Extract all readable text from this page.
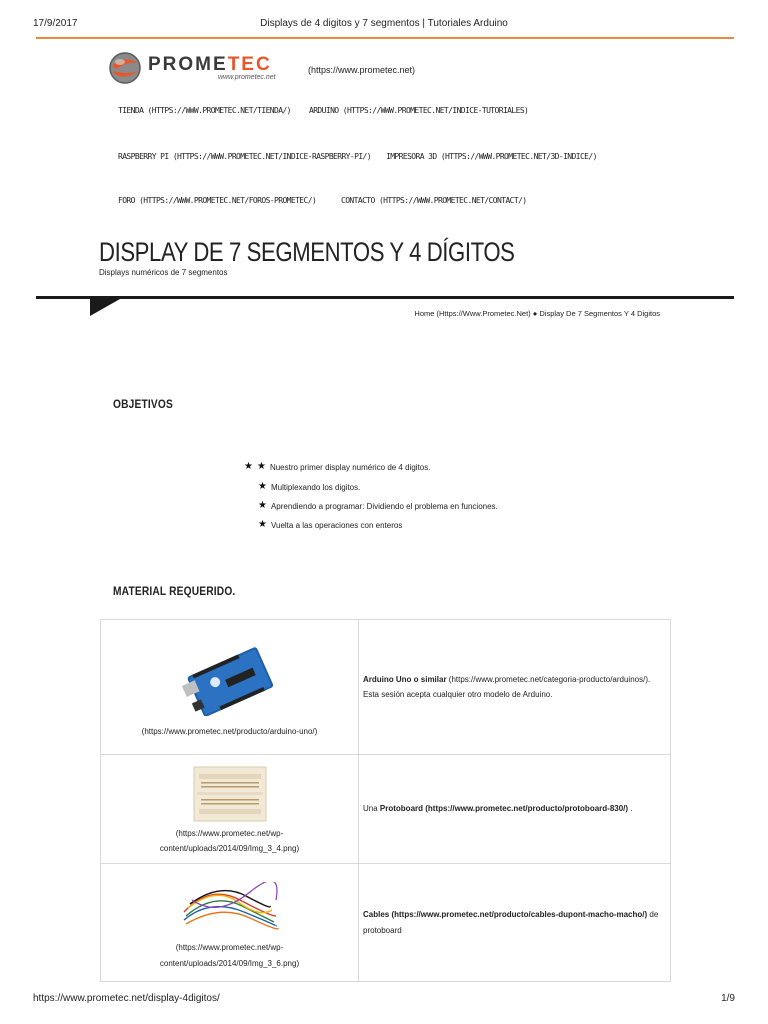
17/9/2017	Displays de 4 digitos y 7 segmentos | Tutoriales Arduino
PROMETEC
www.prometec.net
(https://www.prometec.net)
TIENDA (HTTPS://WWW.PROMETEC.NET/TIENDA/) ARDUINO (HTTPS://WWW.PROMETEC.NET/INDICE-TUTORIALES)
RASPBERRY PI (HTTPS://WWW.PROMETEC.NET/INDICE-RASPBERRY-PI/) IMPRESORA 3D (HTTPS://WWW.PROMETEC.NET/3D-INDICE/)
FORO (HTTPS://WWW.PROMETEC.NET/FOROS-PROMETEC/)	CONTACTO (HTTPS://WWW.PROMETEC.NET/CONTACT/)
DISPLAY DE 7 SEGMENTOS Y 4 DÍGITOS
Displays numéricos de 7 segmentos
Home (Https://Www.Prometec.Net) ● Display De 7 Segmentos Y 4 Digitos
OBJETIVOS
★ ★ Nuestro primer display numérico de 4 digitos.
★ Multiplexando los digitos.
★ Aprendiendo a programar: Dividiendo el problema en funciones.
★ Vuelta a las operaciones con enteros
MATERIAL REQUERIDO.
(https://www.prometec.net/producto/arduino-uno/)	Arduino Uno o similar (https://www.prometec.net/categoria-producto/arduinos/). Esta sesión acepta cualquier otro modelo de Arduino.

(https://www.prometec.net/wp-
content/uploads/2014/09/Img_3_4.png)	Una Protoboard (https://www.prometec.net/producto/protoboard-830/) .

(https://www.prometec.net/wp-
content/uploads/2014/09/Img_3_6.png)	Cables (https://www.prometec.net/producto/cables-dupont-macho-macho/) de protoboard
https://www.prometec.net/display-4digitos/	1/9
